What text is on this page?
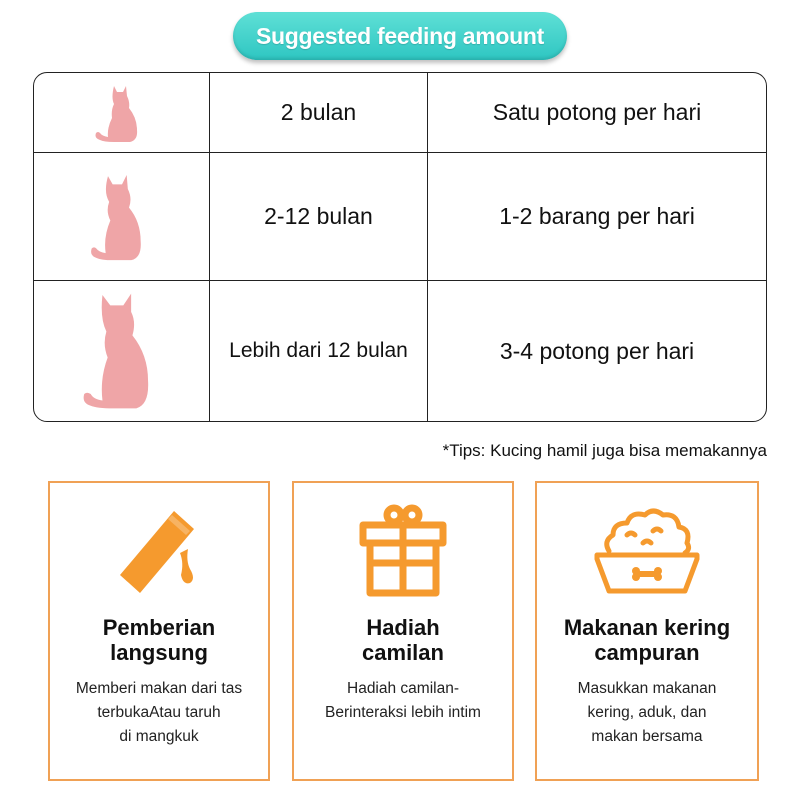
Suggested feeding amount
2 bulan	Satu potong per hari
2-12 bulan	1-2 barang per hari
Lebih dari 12 bulan	3-4 potong per hari
*Tips: Kucing hamil juga bisa memakannya
Pemberian
langsung
Memberi makan dari tas
terbukaAtau taruh
di mangkuk
Hadiah
camilan
Hadiah camilan-
Berinteraksi lebih intim
Makanan kering
campuran
Masukkan makanan
kering, aduk, dan
makan bersama
